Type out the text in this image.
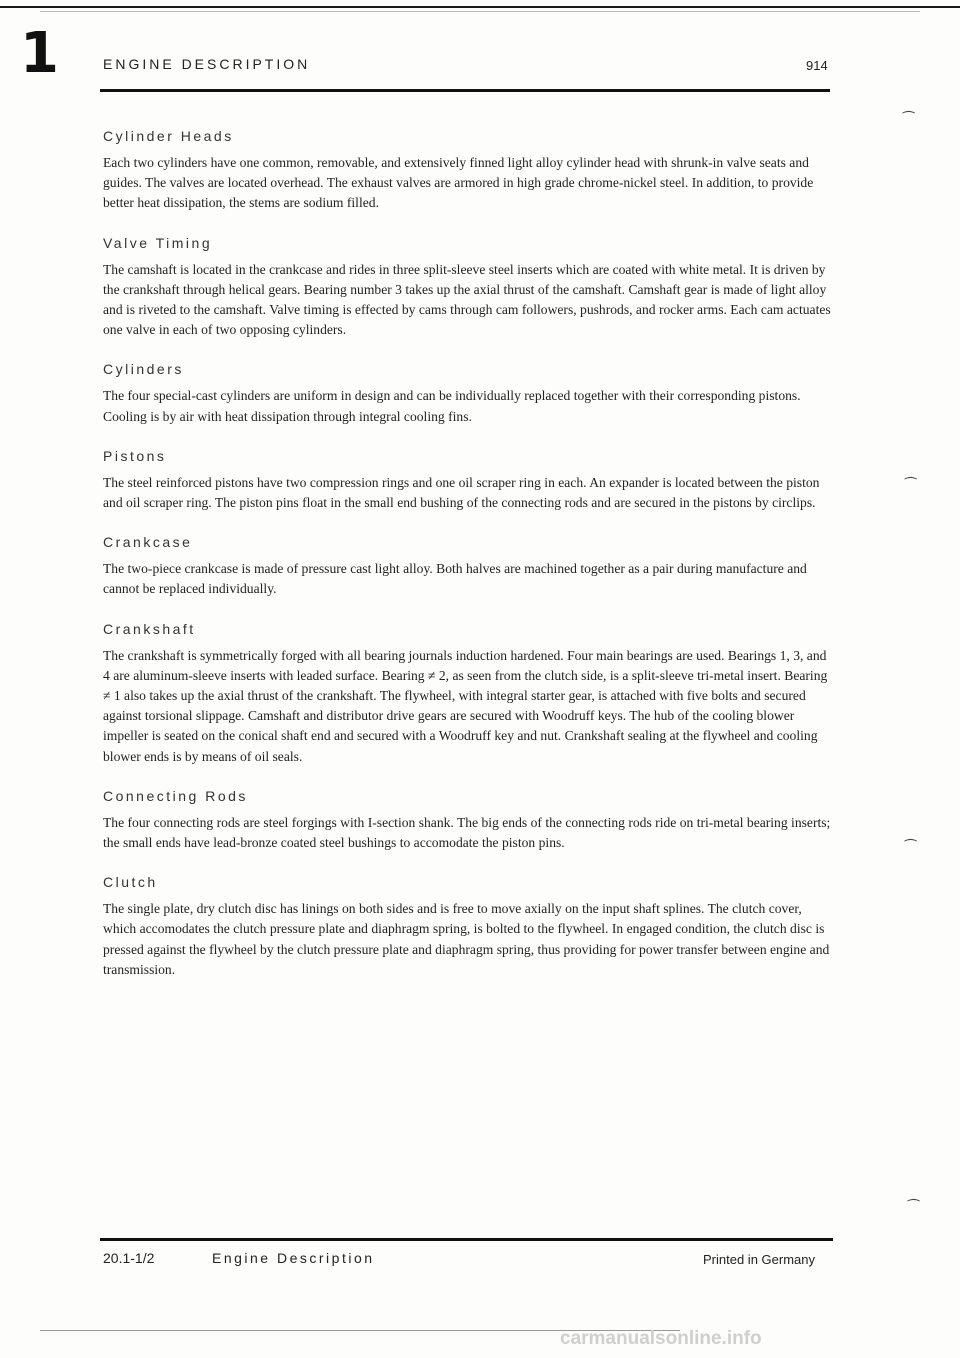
1	ENGINE DESCRIPTION	914
⁀
⁀
⁀
⁀
Cylinder Heads

Each two cylinders have one common, removable, and extensively finned light alloy cylinder head with shrunk-in valve seats and guides. The valves are located overhead. The exhaust valves are armored in high grade chrome-nickel steel. In addition, to provide better heat dissipation, the stems are sodium filled.

Valve Timing

The camshaft is located in the crankcase and rides in three split-sleeve steel inserts which are coated with white metal. It is driven by the crankshaft through helical gears. Bearing number 3 takes up the axial thrust of the camshaft. Camshaft gear is made of light alloy and is riveted to the camshaft. Valve timing is effected by cams through cam followers, pushrods, and rocker arms. Each cam actuates one valve in each of two opposing cylinders.

Cylinders

The four special-cast cylinders are uniform in design and can be individually replaced together with their corresponding pistons. Cooling is by air with heat dissipation through integral cooling fins.

Pistons

The steel reinforced pistons have two compression rings and one oil scraper ring in each. An expander is located between the piston and oil scraper ring. The piston pins float in the small end bushing of the connecting rods and are secured in the pistons by circlips.

Crankcase

The two-piece crankcase is made of pressure cast light alloy. Both halves are machined together as a pair during manufacture and cannot be replaced individually.

Crankshaft

The crankshaft is symmetrically forged with all bearing journals induction hardened. Four main bearings are used. Bearings 1, 3, and 4 are aluminum-sleeve inserts with leaded surface. Bearing ≠ 2, as seen from the clutch side, is a split-sleeve tri-metal insert. Bearing ≠ 1 also takes up the axial thrust of the crankshaft. The flywheel, with integral starter gear, is attached with five bolts and secured against torsional slippage. Camshaft and distributor drive gears are secured with Woodruff keys. The hub of the cooling blower impeller is seated on the conical shaft end and secured with a Woodruff key and nut. Crankshaft sealing at the flywheel and cooling blower ends is by means of oil seals.

Connecting Rods

The four connecting rods are steel forgings with I-section shank. The big ends of the connecting rods ride on tri-metal bearing inserts; the small ends have lead-bronze coated steel bushings to accomodate the piston pins.

Clutch

The single plate, dry clutch disc has linings on both sides and is free to move axially on the input shaft splines. The clutch cover, which accomodates the clutch pressure plate and diaphragm spring, is bolted to the flywheel. In engaged condition, the clutch disc is pressed against the flywheel by the clutch pressure plate and diaphragm spring, thus providing for power transfer between engine and transmission.

20.1-1/2	Engine Description	Printed in Germany
carmanualsonline.info
